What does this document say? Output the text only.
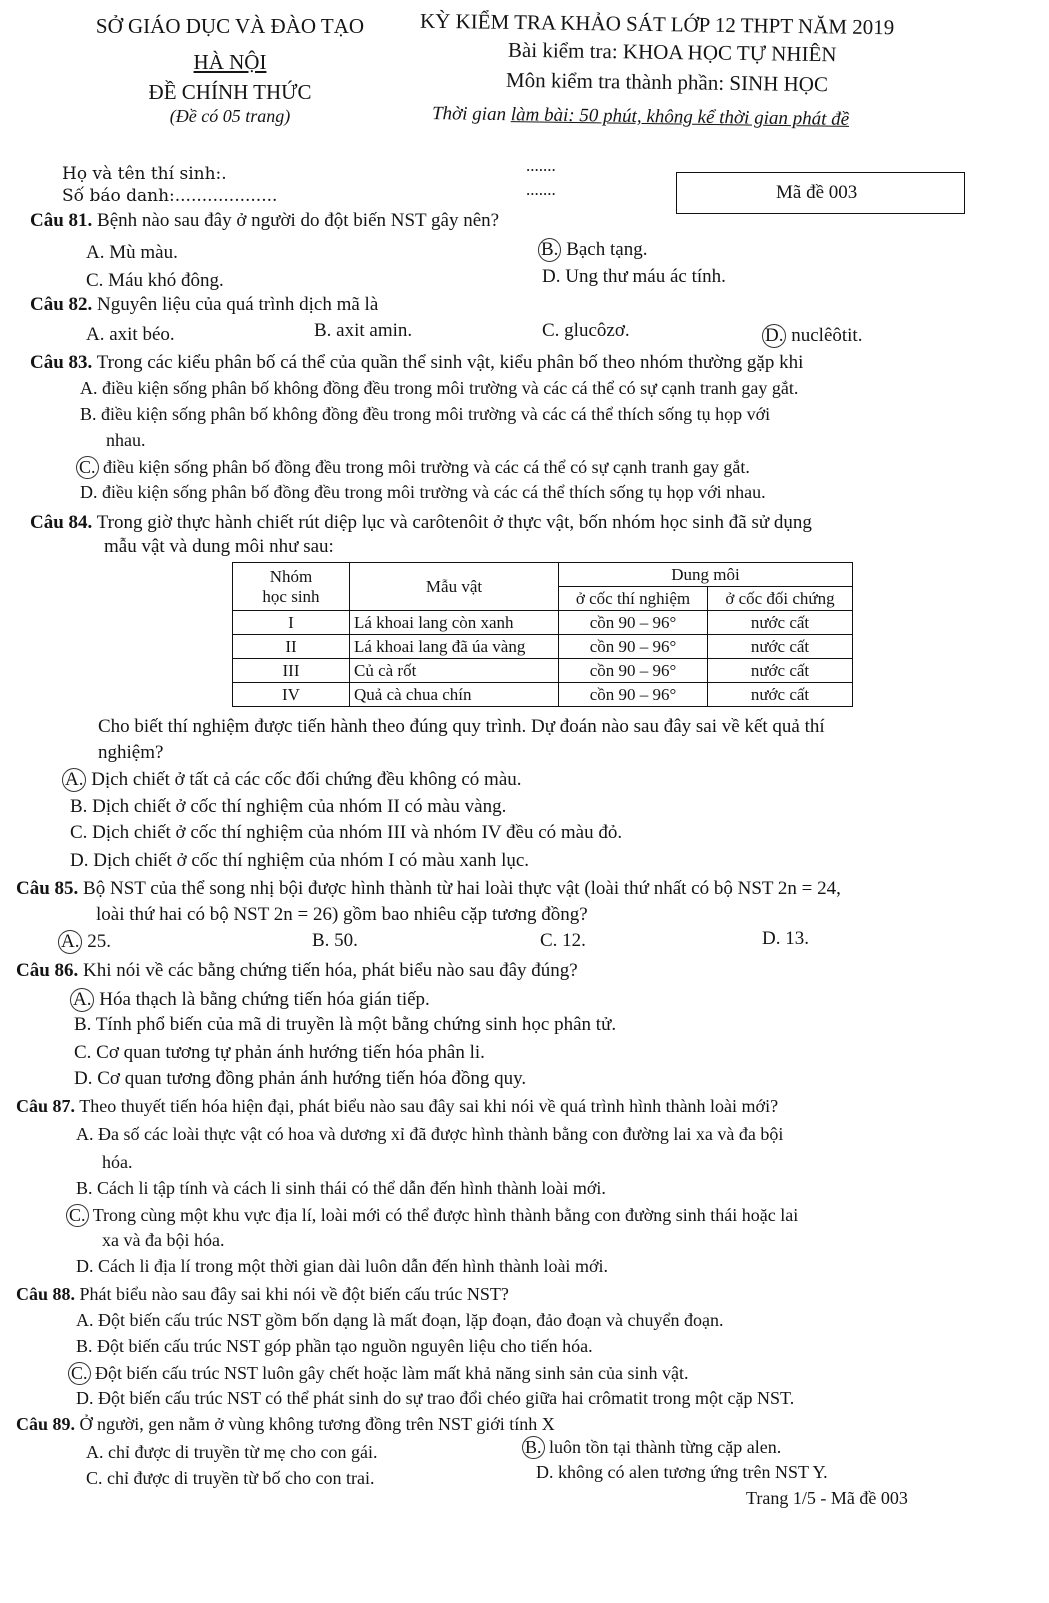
SỞ GIÁO DỤC VÀ ĐÀO TẠO
HÀ NỘI
ĐỀ CHÍNH THỨC
(Đề có 05 trang)
KỲ KIỂM TRA KHẢO SÁT LỚP 12 THPT NĂM 2019
Bài kiểm tra: KHOA HỌC TỰ NHIÊN
Môn kiểm tra thành phần: SINH HỌC
Thời gian làm bài: 50 phút, không kể thời gian phát đề
Họ và tên thí sinh:.	.......
Số báo danh:...................	.......	Mã đề 003
Câu 81. Bệnh nào sau đây ở người do đột biến NST gây nên?
A. Mù màu.	B. Bạch tạng.
C. Máu khó đông.	D. Ung thư máu ác tính.
Câu 82. Nguyên liệu của quá trình dịch mã là
A. axit béo.	B. axit amin.	C. glucôzơ.	D. nuclêôtit.
Câu 83. Trong các kiểu phân bố cá thể của quần thể sinh vật, kiểu phân bố theo nhóm thường gặp khi
A. điều kiện sống phân bố không đồng đều trong môi trường và các cá thể có sự cạnh tranh gay gắt.
B. điều kiện sống phân bố không đồng đều trong môi trường và các cá thể thích sống tụ họp với
nhau.
C. điều kiện sống phân bố đồng đều trong môi trường và các cá thể có sự cạnh tranh gay gắt.
D. điều kiện sống phân bố đồng đều trong môi trường và các cá thể thích sống tụ họp với nhau.
Câu 84. Trong giờ thực hành chiết rút diệp lục và carôtenôit ở thực vật, bốn nhóm học sinh đã sử dụng
mẫu vật và dung môi như sau:
Nhóm
học sinh	Mẫu vật	Dung môi	
		ở cốc thí nghiệm	ở cốc đối chứng
I	Lá khoai lang còn xanh	cồn 90 – 96°	nước cất
II	Lá khoai lang đã úa vàng	cồn 90 – 96°	nước cất
III	Củ cà rốt	cồn 90 – 96°	nước cất
IV	Quả cà chua chín	cồn 90 – 96°	nước cất
Cho biết thí nghiệm được tiến hành theo đúng quy trình. Dự đoán nào sau đây sai về kết quả thí
nghiệm?
A. Dịch chiết ở tất cả các cốc đối chứng đều không có màu.
B. Dịch chiết ở cốc thí nghiệm của nhóm II có màu vàng.
C. Dịch chiết ở cốc thí nghiệm của nhóm III và nhóm IV đều có màu đỏ.
D. Dịch chiết ở cốc thí nghiệm của nhóm I có màu xanh lục.
Câu 85. Bộ NST của thể song nhị bội được hình thành từ hai loài thực vật (loài thứ nhất có bộ NST 2n = 24,
loài thứ hai có bộ NST 2n = 26) gồm bao nhiêu cặp tương đồng?
A. 25.	B. 50.	C. 12.	D. 13.
Câu 86. Khi nói về các bằng chứng tiến hóa, phát biểu nào sau đây đúng?
A. Hóa thạch là bằng chứng tiến hóa gián tiếp.
B. Tính phổ biến của mã di truyền là một bằng chứng sinh học phân tử.
C. Cơ quan tương tự phản ánh hướng tiến hóa phân li.
D. Cơ quan tương đồng phản ánh hướng tiến hóa đồng quy.
Câu 87. Theo thuyết tiến hóa hiện đại, phát biểu nào sau đây sai khi nói về quá trình hình thành loài mới?
A. Đa số các loài thực vật có hoa và dương xỉ đã được hình thành bằng con đường lai xa và đa bội
hóa.
B. Cách li tập tính và cách li sinh thái có thể dẫn đến hình thành loài mới.
C. Trong cùng một khu vực địa lí, loài mới có thể được hình thành bằng con đường sinh thái hoặc lai
xa và đa bội hóa.
D. Cách li địa lí trong một thời gian dài luôn dẫn đến hình thành loài mới.
Câu 88. Phát biểu nào sau đây sai khi nói về đột biến cấu trúc NST?
A. Đột biến cấu trúc NST gồm bốn dạng là mất đoạn, lặp đoạn, đảo đoạn và chuyển đoạn.
B. Đột biến cấu trúc NST góp phần tạo nguồn nguyên liệu cho tiến hóa.
C. Đột biến cấu trúc NST luôn gây chết hoặc làm mất khả năng sinh sản của sinh vật.
D. Đột biến cấu trúc NST có thể phát sinh do sự trao đổi chéo giữa hai crômatit trong một cặp NST.
Câu 89. Ở người, gen nằm ở vùng không tương đồng trên NST giới tính X
A. chỉ được di truyền từ mẹ cho con gái.	B. luôn tồn tại thành từng cặp alen.
C. chỉ được di truyền từ bố cho con trai.	D. không có alen tương ứng trên NST Y.
Trang 1/5 - Mã đề 003
